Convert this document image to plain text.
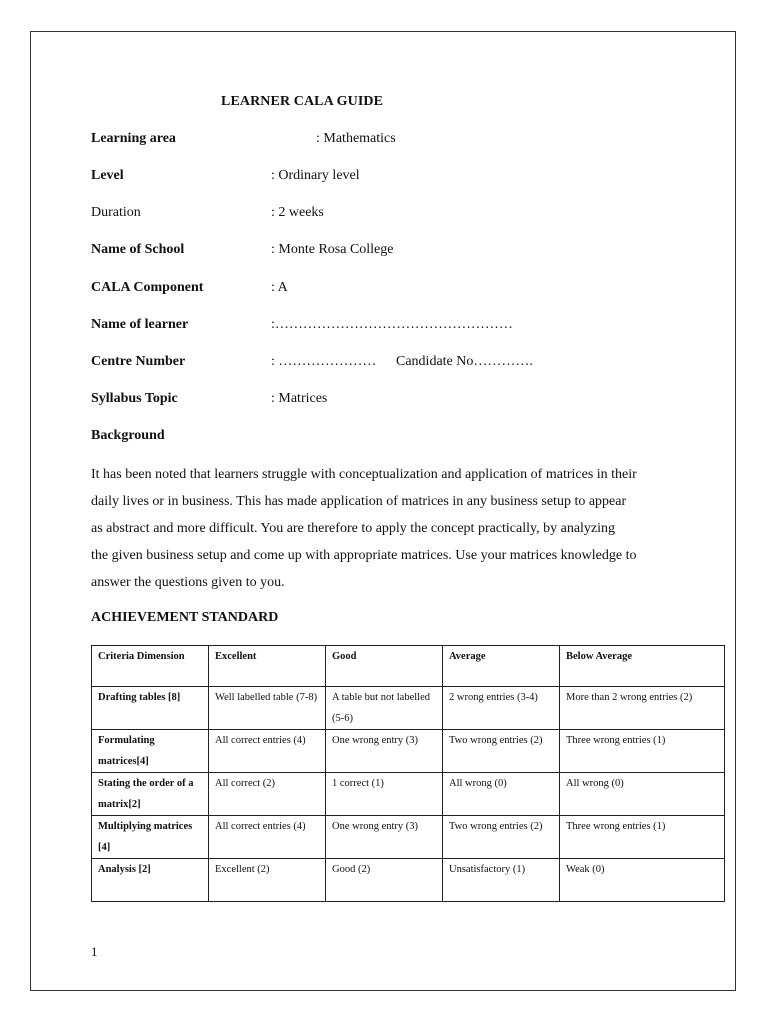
LEARNER CALA GUIDE
Learning area	: Mathematics
Level	: Ordinary level
Duration	: 2 weeks
Name of School	: Monte Rosa College
CALA Component	: A
Name of learner	:……………………………………………
Centre Number	: ………………… Candidate No………….
Syllabus Topic	: Matrices
Background
It has been noted that learners struggle with conceptualization and application of matrices in their
daily lives or in business. This has made application of matrices in any business setup to appear
as abstract and more difficult. You are therefore to apply the concept practically, by analyzing
the given business setup and come up with appropriate matrices. Use your matrices knowledge to
answer the questions given to you.
ACHIEVEMENT STANDARD
Criteria Dimension	Excellent	Good	Average	Below Average
Drafting tables [8]	Well labelled table (7-8)	A table but not labelled (5-6)	2 wrong entries (3-4)	More than 2 wrong entries (2)
Formulating matrices[4]	All correct entries (4)	One wrong entry (3)	Two wrong entries (2)	Three wrong entries (1)
Stating the order of a matrix[2]	All correct (2)	1 correct (1)	All wrong (0)	All wrong (0)
Multiplying matrices [4]	All correct entries (4)	One wrong entry (3)	Two wrong entries (2)	Three wrong entries (1)
Analysis [2]	Excellent (2)	Good (2)	Unsatisfactory (1)	Weak (0)
1
